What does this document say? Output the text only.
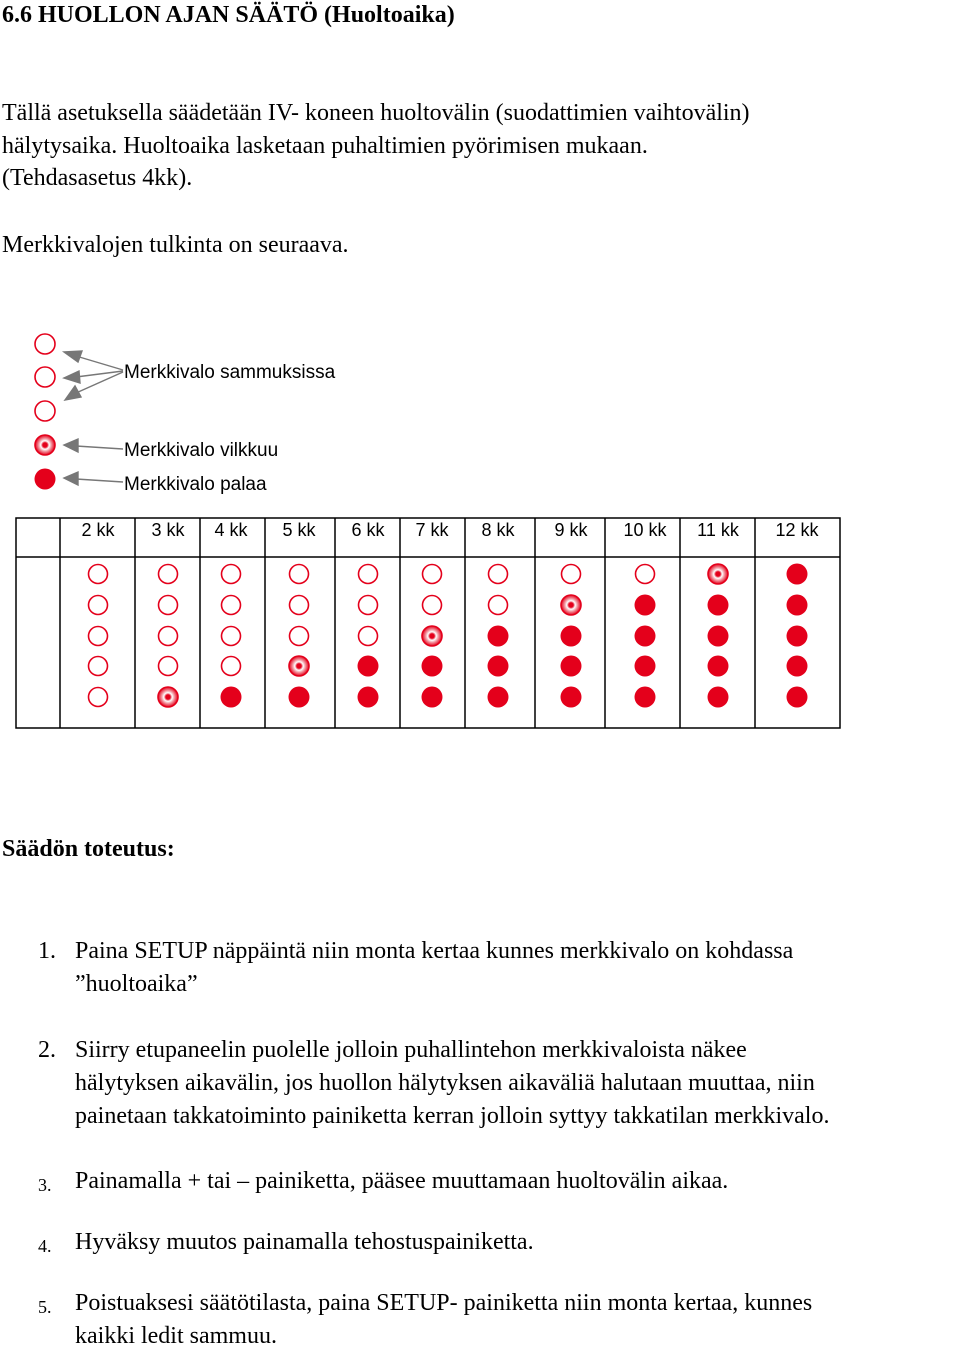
6.6 HUOLLON AJAN SÄÄTÖ (Huoltoaika)
Tällä asetuksella säädetään IV- koneen huoltovälin (suodattimien vaihtovälin)
hälytysaika. Huoltoaika lasketaan puhaltimien pyörimisen mukaan.
(Tehdasasetus 4kk).
Merkkivalojen tulkinta on seuraava.
Merkkivalo sammuksissa
Merkkivalo vilkkuu
Merkkivalo palaa
2 kk 3 kk 4 kk 5 kk 6 kk 7 kk 8 kk 9 kk 10 kk 11 kk 12 kk
Säädön toteutus:
1. Paina SETUP näppäintä niin monta kertaa kunnes merkkivalo on kohdassa
”huoltoaika”
2. Siirry etupaneelin puolelle jolloin puhallintehon merkkivaloista näkee
hälytyksen aikavälin, jos huollon hälytyksen aikaväliä halutaan muuttaa, niin
painetaan takkatoiminto painiketta kerran jolloin syttyy takkatilan merkkivalo.
3. Painamalla + tai – painiketta, pääsee muuttamaan huoltovälin aikaa.
4. Hyväksy muutos painamalla tehostuspainiketta.
5. Poistuaksesi säätötilasta, paina SETUP- painiketta niin monta kertaa, kunnes
kaikki ledit sammuu.
